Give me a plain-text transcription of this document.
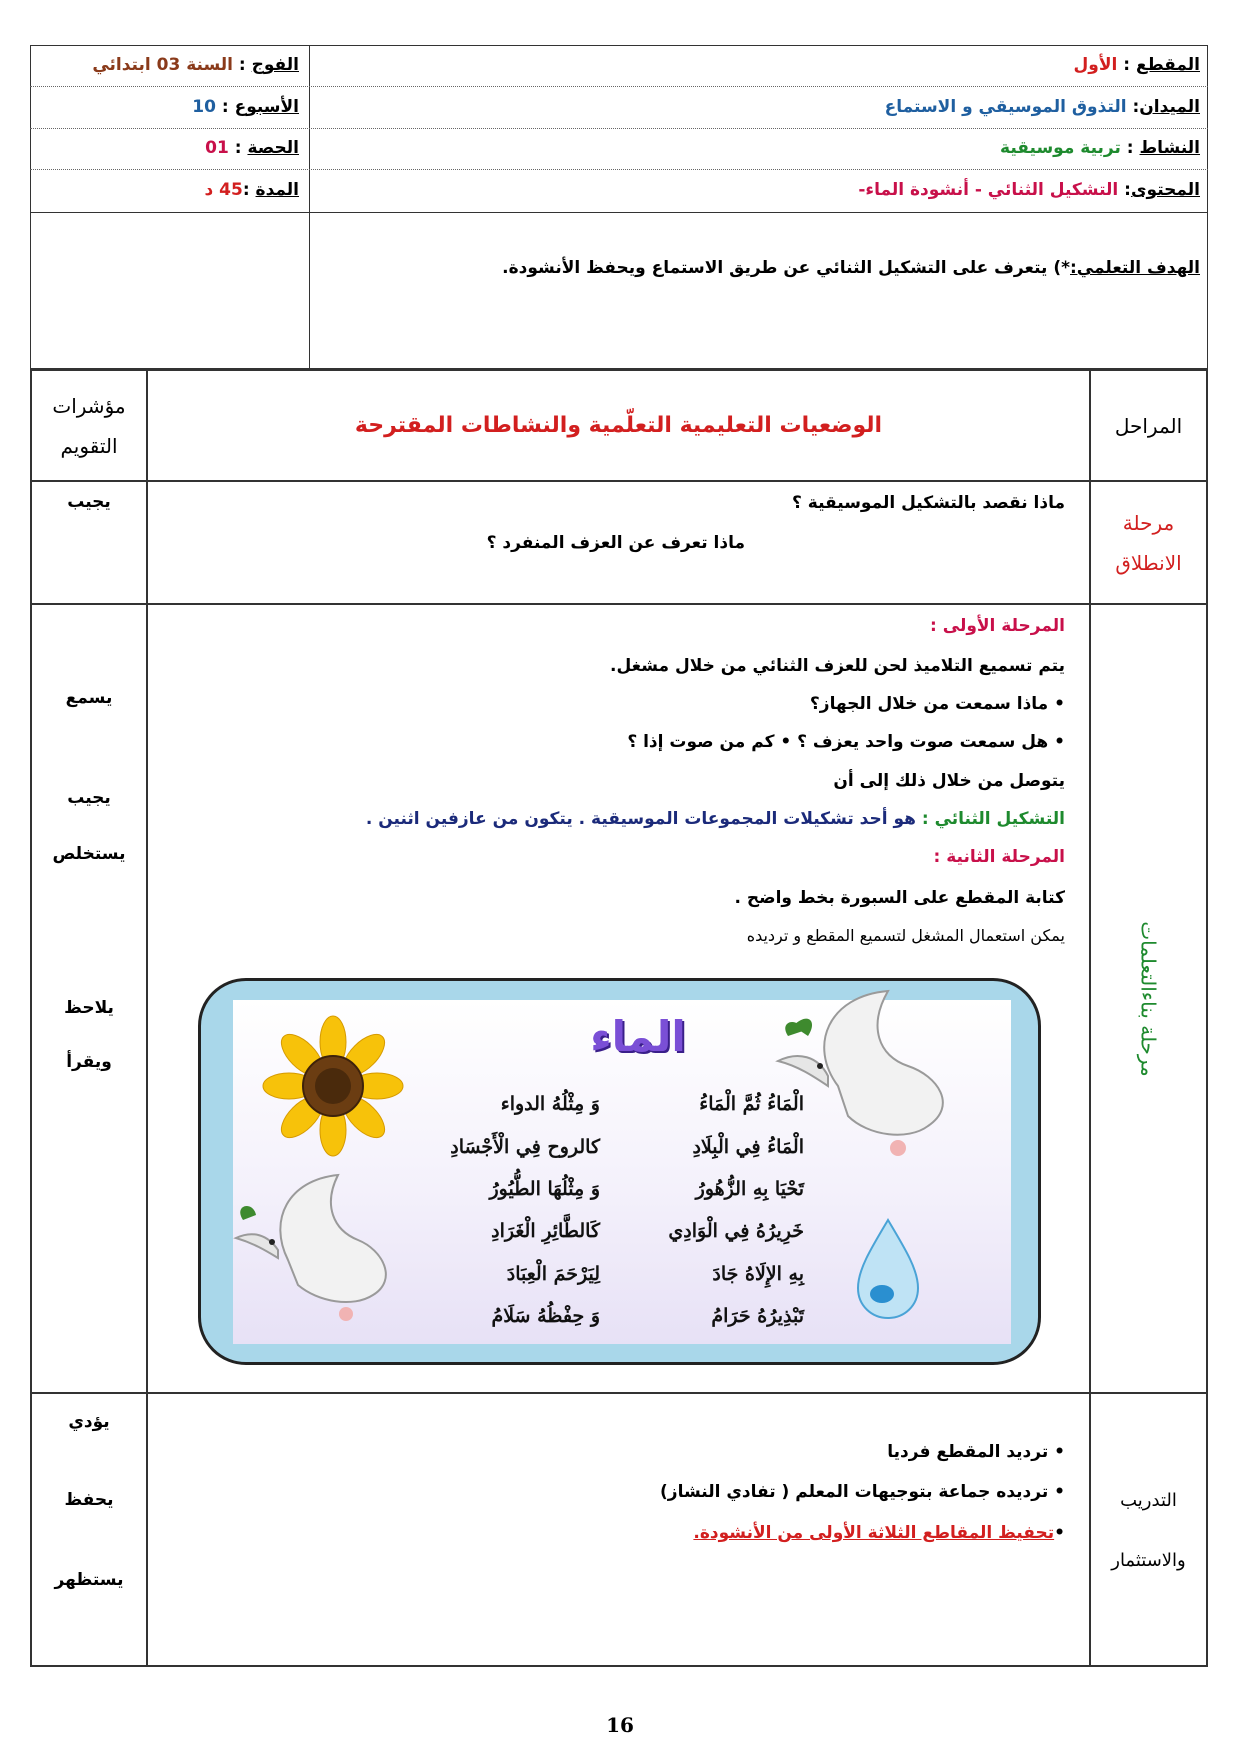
المقطع : الأول
الميدان: التذوق الموسيقي و الاستماع
النشاط : تربية موسيقية
المحتوى: التشكيل الثنائي - أنشودة الماء-
الفوج : السنة 03 ابتدائي
الأسبوع : 10
الحصة : 01
المدة :45 د
الهدف التعلمي:*) يتعرف على التشكيل الثنائي عن طريق الاستماع ويحفظ الأنشودة.
المراحل
الوضعيات التعليمية التعلّمية والنشاطات المقترحة
مؤشرات
التقويم
مرحلة
الانطلاق
ماذا نقصد بالتشكيل الموسيقية ؟
ماذا تعرف عن العزف المنفرد ؟
يجيب
مرحلة بناءالتعلمات
المرحلة الأولى :
يتم تسميع التلاميذ لحن للعزف الثنائي من خلال مشغل.
• ماذا سمعت من خلال الجهاز؟
• هل سمعت صوت واحد يعزف ؟ • كم من صوت إذا ؟
يتوصل من خلال ذلك إلى أن
التشكيل الثنائي : هو أحد تشكيلات المجموعات الموسيقية . يتكون من عازفين اثنين .
المرحلة الثانية :
كتابة المقطع على السبورة بخط واضح .
يمكن استعمال المشغل لتسميع المقطع و ترديده
الماء
الْمَاءُ ثُمَّ الْمَاءُ
الْمَاءُ فِي الْبِلَادِ
تَحْيَا بِهِ الزُّهُورُ
خَرِيرُهُ فِي الْوَادِي
بِهِ الإِلَاهُ جَادَ
تَبْذِيرُهُ حَرَامُ
وَ مِثْلُهُ الدواء
كالروح فِي الْأَجْسَادِ
وَ مِثْلُهَا الطُّيُورُ
كَالطَّائِرِ الْغَرَادِ
لِيَرْحَمَ الْعِبَادَ
وَ حِفْظُهُ سَلَامُ
يسمع
يجيب
يستخلص
يلاحظ
ويقرأ
التدريب
والاستثمار
• ترديد المقطع فرديا
• ترديده جماعة بتوجيهات المعلم ( تفادي النشاز)
•تحفيظ المقاطع الثلاثة الأولى من الأنشودة.
يؤدي
يحفظ
يستظهر
16
